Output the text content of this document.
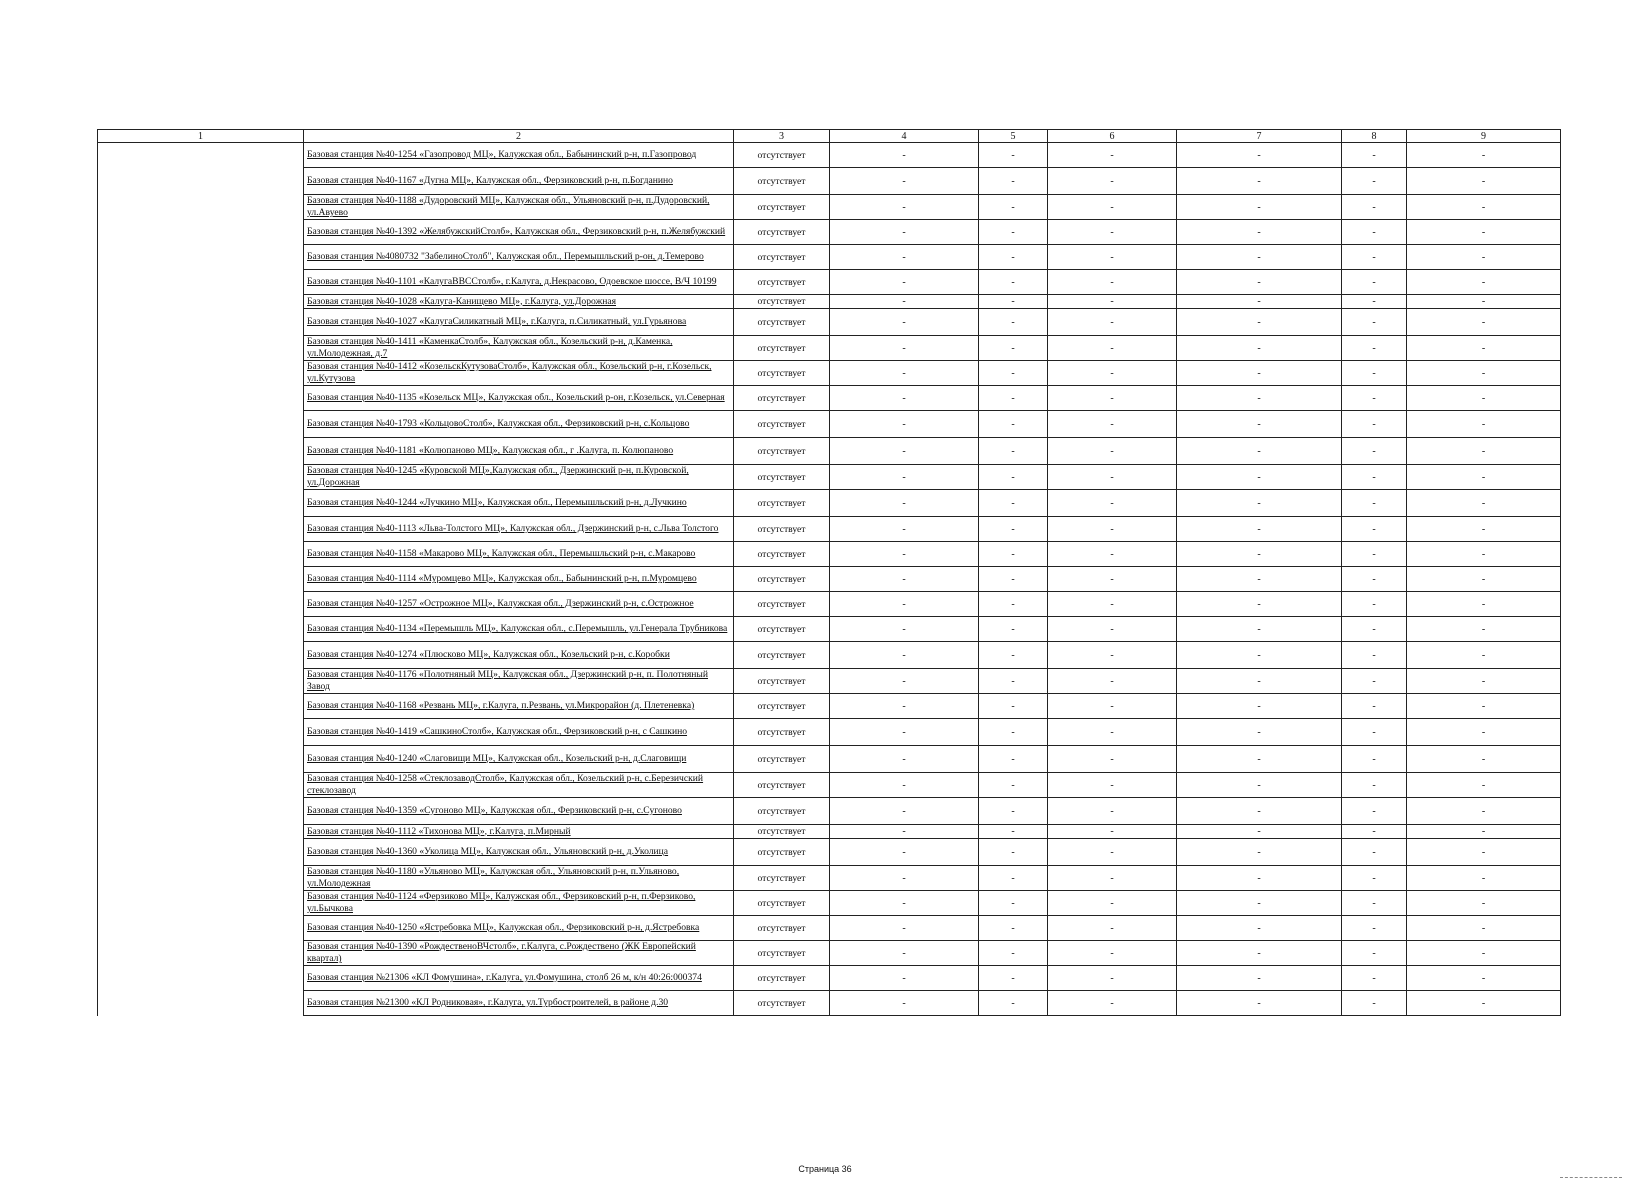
1	2	3	4	5	6	7	8	9
	Базовая станция №40-1254 «Газопровод МЦ», Калужская обл., Бабынинский р-н, п.Газопровод	отсутствует	-	-	-	-	-	-
	Базовая станция №40-1167 «Дугна МЦ», Калужская обл., Ферзиковский р-н, п.Богданино	отсутствует	-	-	-	-	-	-
	Базовая станция №40-1188 «Дудоровский МЦ», Калужская обл., Ульяновский р-н, п.Дудоровский, ул.Авуево	отсутствует	-	-	-	-	-	-
	Базовая станция №40-1392 «ЖелябужскийСтолб», Калужская обл., Ферзиковский р-н, п.Желябужский	отсутствует	-	-	-	-	-	-
	Базовая станция №4080732 "ЗабелиноСтолб", Калужская обл., Перемышльский р-он, д.Темерово	отсутствует	-	-	-	-	-	-
	Базовая станция №40-1101 «КалугаВВССтолб», г.Калуга, д.Некрасово, Одоевское шоссе, В/Ч 10199	отсутствует	-	-	-	-	-	-
	Базовая станция №40-1028 «Калуга-Канищево МЦ», г.Калуга, ул.Дорожная	отсутствует	-	-	-	-	-	-
	Базовая станция №40-1027 «КалугаСиликатный МЦ», г.Калуга, п.Силикатный, ул.Гурьянова	отсутствует	-	-	-	-	-	-
	Базовая станция №40-1411 «КаменкаСтолб», Калужская обл., Козельский р-н, д.Каменка, ул.Молодежная, д.7	отсутствует	-	-	-	-	-	-
	Базовая станция №40-1412 «КозельскКутузоваСтолб», Калужская обл., Козельский р-н, г.Козельск, ул.Кутузова	отсутствует	-	-	-	-	-	-
	Базовая станция №40-1135 «Козельск МЦ», Калужская обл., Козельский р-он, г.Козельск, ул.Северная	отсутствует	-	-	-	-	-	-
	Базовая станция №40-1793 «КольцовоСтолб», Калужская обл., Ферзиковский р-н, с.Кольцово	отсутствует	-	-	-	-	-	-
	Базовая станция №40-1181 «Колюпаново МЦ», Калужская обл., г .Калуга, п. Колюпаново	отсутствует	-	-	-	-	-	-
	Базовая станция №40-1245 «Куровской МЦ»,Калужская обл., Дзержинский р-н, п.Куровской, ул.Дорожная	отсутствует	-	-	-	-	-	-
	Базовая станция №40-1244 «Лучкино МЦ», Калужская обл., Перемышльский р-н, д.Лучкино	отсутствует	-	-	-	-	-	-
	Базовая станция №40-1113 «Льва-Толстого МЦ», Калужская обл., Дзержинский р-н, с.Льва Толстого	отсутствует	-	-	-	-	-	-
	Базовая станция №40-1158 «Макарово МЦ», Калужская обл., Перемышльский р-н, с.Макарово	отсутствует	-	-	-	-	-	-
	Базовая станция №40-1114 «Муромцево МЦ», Калужская обл., Бабынинский р-н, п.Муромцево	отсутствует	-	-	-	-	-	-
	Базовая станция №40-1257 «Острожное МЦ», Калужская обл., Дзержинский р-н, с.Острожное	отсутствует	-	-	-	-	-	-
	Базовая станция №40-1134 «Перемышль МЦ», Калужская обл., с.Перемышль, ул.Генерала Трубникова	отсутствует	-	-	-	-	-	-
	Базовая станция №40-1274 «Плюсково МЦ», Калужская обл., Козельский р-н, с.Коробки	отсутствует	-	-	-	-	-	-
	Базовая станция №40-1176 «Полотняный МЦ», Калужская обл., Дзержинский р-н, п. Полотняный Завод	отсутствует	-	-	-	-	-	-
	Базовая станция №40-1168 «Резвань МЦ», г.Калуга, п.Резвань, ул.Микрорайон (д. Плетеневка)	отсутствует	-	-	-	-	-	-
	Базовая станция №40-1419 «СашкиноСтолб», Калужская обл., Ферзиковский р-н, с Сашкино	отсутствует	-	-	-	-	-	-
	Базовая станция №40-1240 «Слаговищи МЦ», Калужская обл., Козельский р-н, д.Слаговищи	отсутствует	-	-	-	-	-	-
	Базовая станция №40-1258 «СтеклозаводСтолб», Калужская обл., Козельский р-н, с.Березичский стеклозавод	отсутствует	-	-	-	-	-	-
	Базовая станция №40-1359 «Сугоново МЦ», Калужская обл., Ферзиковский р-н, с.Сугоново	отсутствует	-	-	-	-	-	-
	Базовая станция №40-1112 «Тихонова МЦ», г.Калуга, п.Мирный	отсутствует	-	-	-	-	-	-
	Базовая станция №40-1360 «Уколица МЦ», Калужская обл., Ульяновский р-н, д.Уколица	отсутствует	-	-	-	-	-	-
	Базовая станция №40-1180 «Ульяново МЦ», Калужская обл., Ульяновский р-н, п.Ульяново, ул.Молодежная	отсутствует	-	-	-	-	-	-
	Базовая станция №40-1124 «Ферзиково МЦ», Калужская обл., Ферзиковский р-н, п.Ферзиково, ул.Бычкова	отсутствует	-	-	-	-	-	-
	Базовая станция №40-1250 «Ястребовка МЦ», Калужская обл., Ферзиковский р-н, д.Ястребовка	отсутствует	-	-	-	-	-	-
	Базовая станция №40-1390 «РождественоВЧстолб», г.Калуга, с.Рождествено (ЖК Европейский квартал)	отсутствует	-	-	-	-	-	-
	Базовая станция №21306 «КЛ Фомушина», г.Калуга, ул.Фомушина, столб 26 м, к/н 40:26:000374	отсутствует	-	-	-	-	-	-
	Базовая станция №21300 «КЛ Родниковая», г.Калуга, ул.Турбостроителей, в районе д.30	отсутствует	-	-	-	-	-	-
Страница 36
